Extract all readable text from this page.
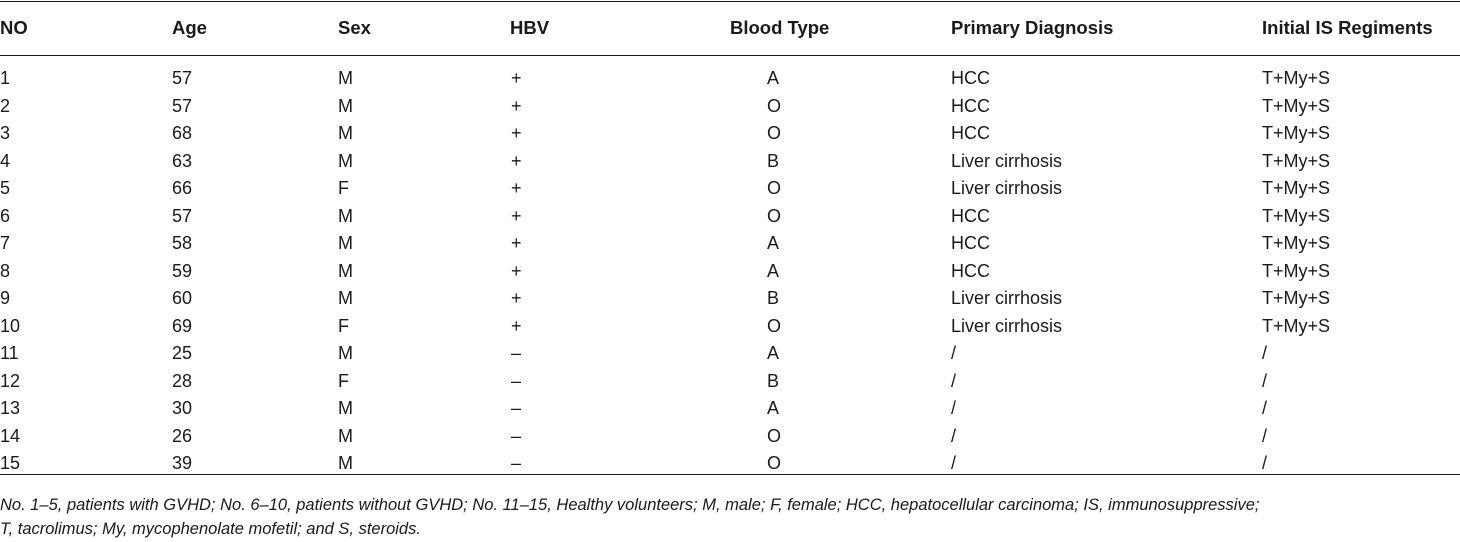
NO	Age	Sex	HBV	Blood Type	Primary Diagnosis	Initial IS Regiments
1	57	M	+	A	HCC	T+My+S
2	57	M	+	O	HCC	T+My+S
3	68	M	+	O	HCC	T+My+S
4	63	M	+	B	Liver cirrhosis	T+My+S
5	66	F	+	O	Liver cirrhosis	T+My+S
6	57	M	+	O	HCC	T+My+S
7	58	M	+	A	HCC	T+My+S
8	59	M	+	A	HCC	T+My+S
9	60	M	+	B	Liver cirrhosis	T+My+S
10	69	F	+	O	Liver cirrhosis	T+My+S
11	25	M	–	A	/	/
12	28	F	–	B	/	/
13	30	M	–	A	/	/
14	26	M	–	O	/	/
15	39	M	–	O	/	/
No. 1–5, patients with GVHD; No. 6–10, patients without GVHD; No. 11–15, Healthy volunteers; M, male; F, female; HCC, hepatocellular carcinoma; IS, immunosuppressive;
T, tacrolimus; My, mycophenolate mofetil; and S, steroids.
